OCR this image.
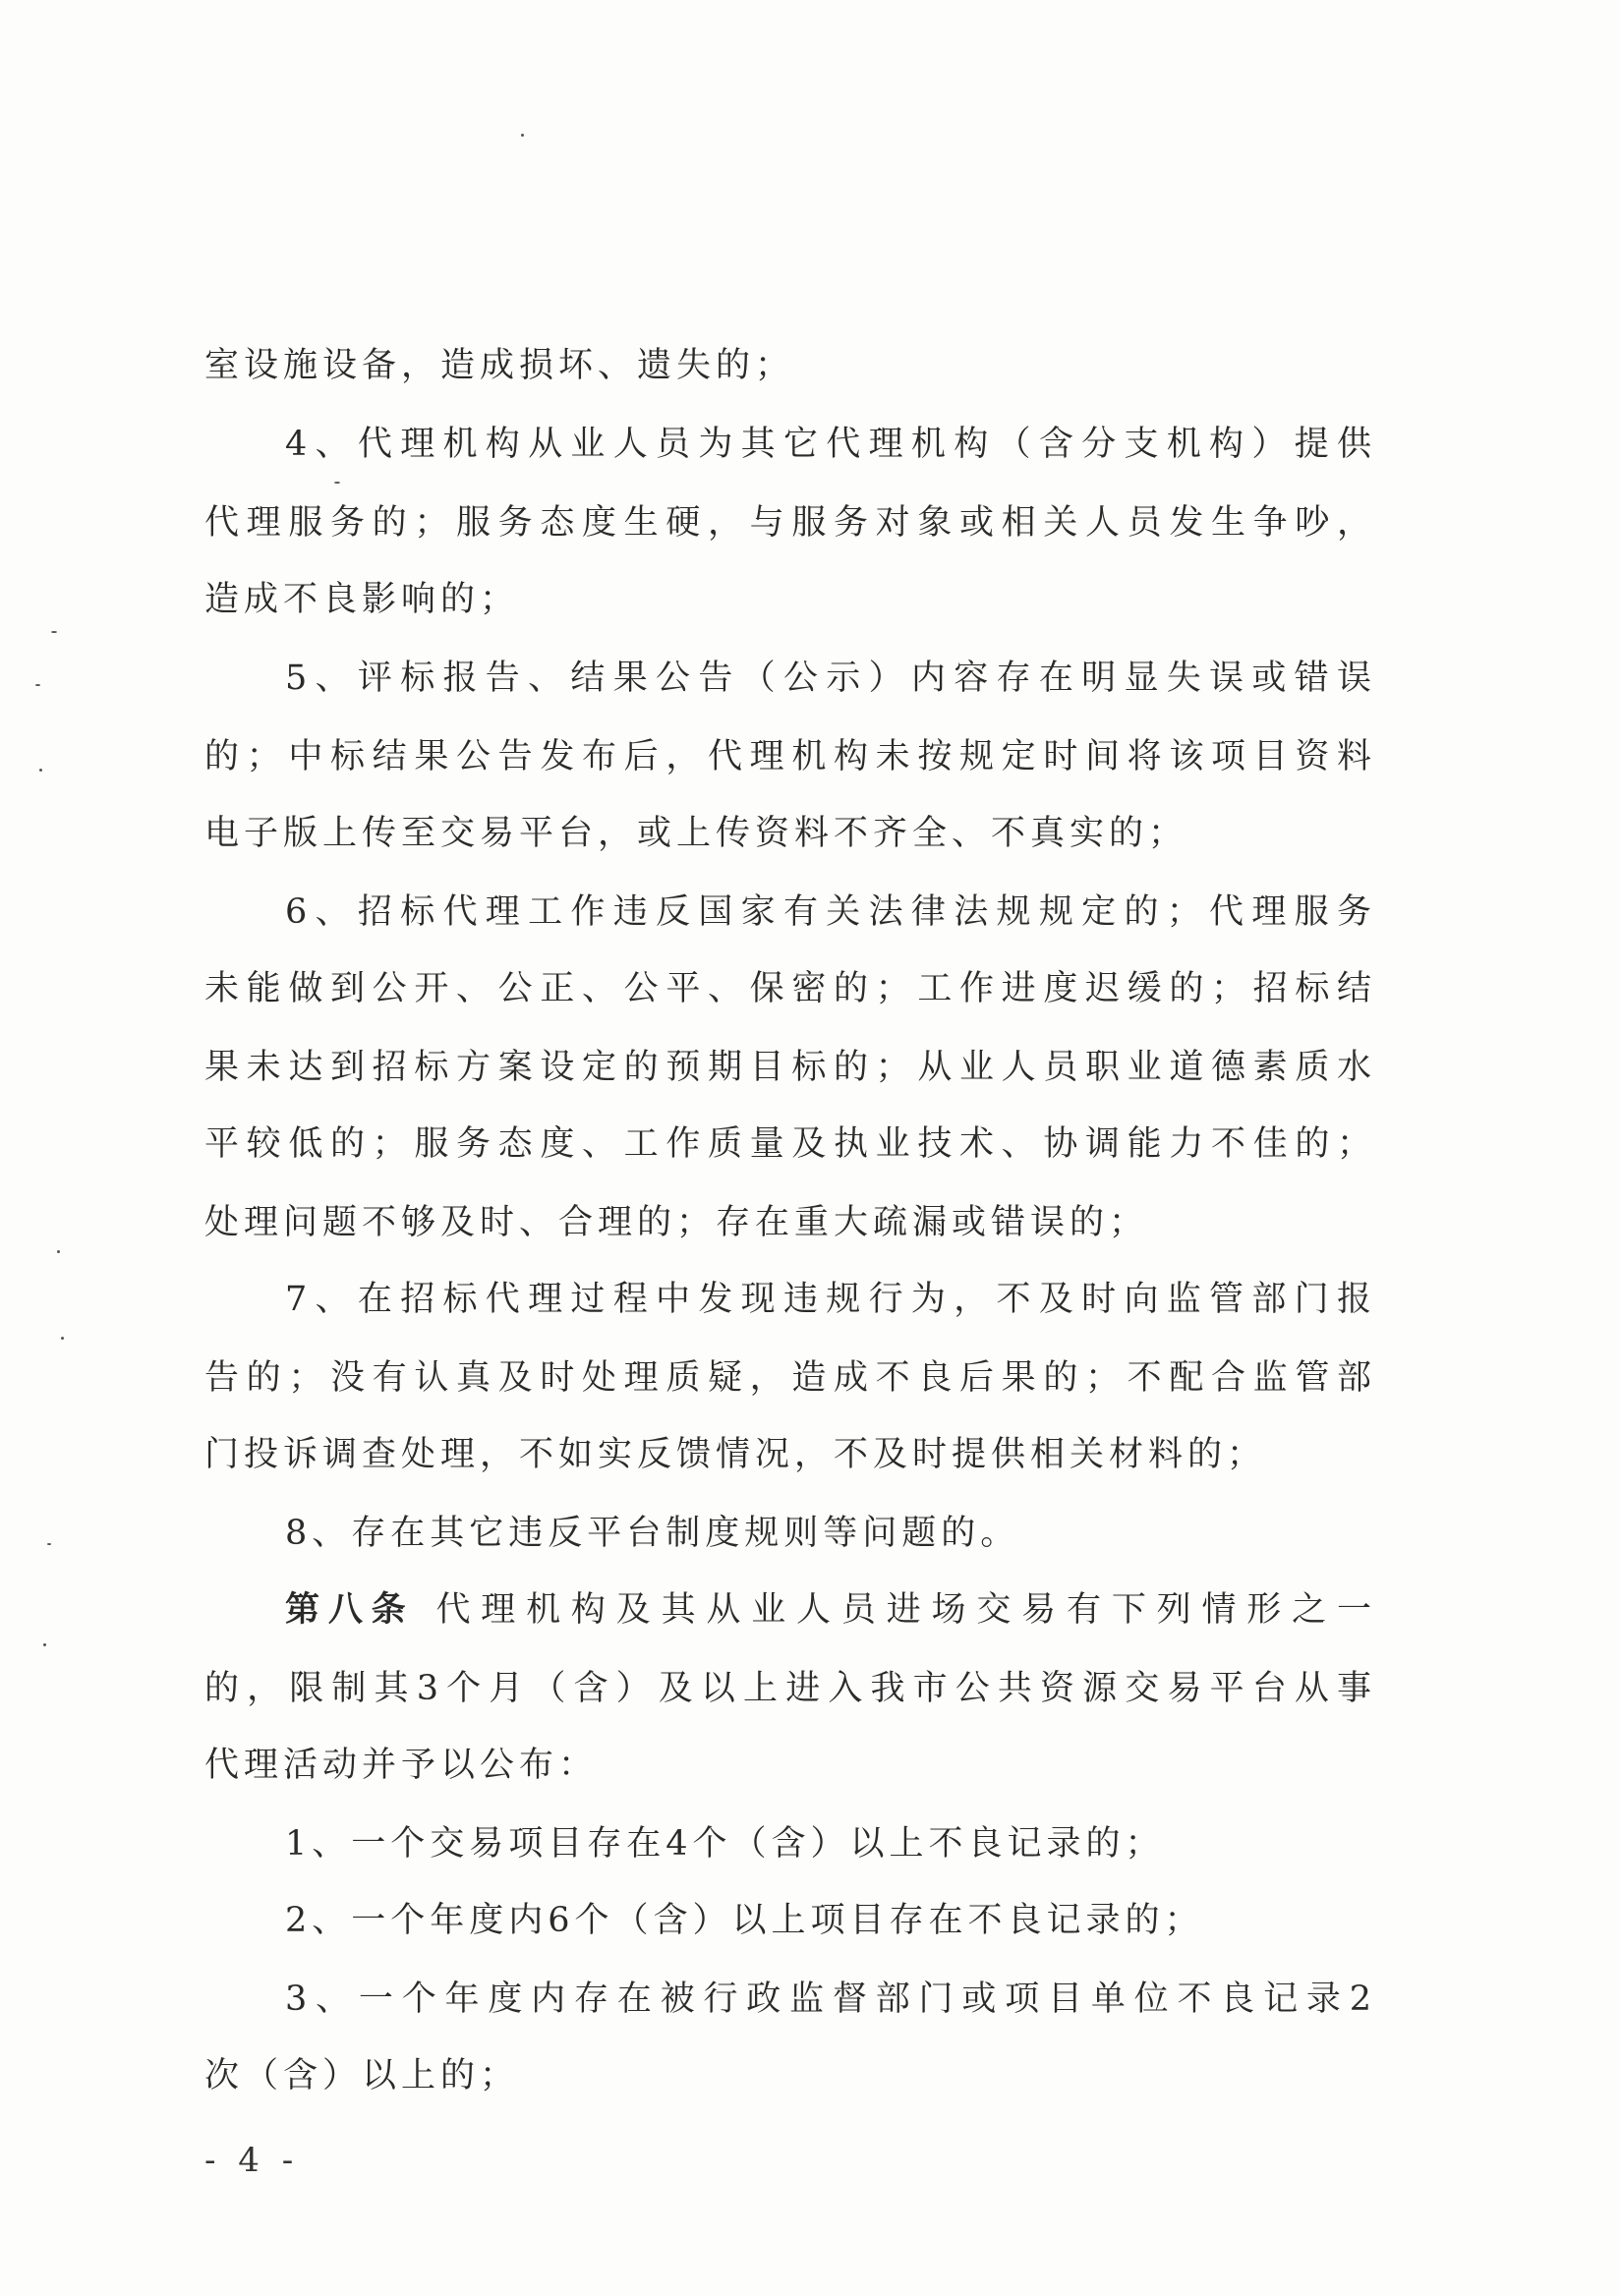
室设施设备，造成损坏、遗失的；
4、代理机构从业人员为其它代理机构（含分支机构）提供
代理服务的；服务态度生硬，与服务对象或相关人员发生争吵，
造成不良影响的；
5、评标报告、结果公告（公示）内容存在明显失误或错误
的；中标结果公告发布后，代理机构未按规定时间将该项目资料
电子版上传至交易平台，或上传资料不齐全、不真实的；
6、招标代理工作违反国家有关法律法规规定的；代理服务
未能做到公开、公正、公平、保密的；工作进度迟缓的；招标结
果未达到招标方案设定的预期目标的；从业人员职业道德素质水
平较低的；服务态度、工作质量及执业技术、协调能力不佳的；
处理问题不够及时、合理的；存在重大疏漏或错误的；
7、在招标代理过程中发现违规行为，不及时向监管部门报
告的；没有认真及时处理质疑，造成不良后果的；不配合监管部
门投诉调查处理，不如实反馈情况，不及时提供相关材料的；
8、存在其它违反平台制度规则等问题的。
第八条 代理机构及其从业人员进场交易有下列情形之一
的，限制其3个月（含）及以上进入我市公共资源交易平台从事
代理活动并予以公布：
1、一个交易项目存在4个（含）以上不良记录的；
2、一个年度内6个（含）以上项目存在不良记录的；
3、一个年度内存在被行政监督部门或项目单位不良记录2
次（含）以上的；
- 4 -
